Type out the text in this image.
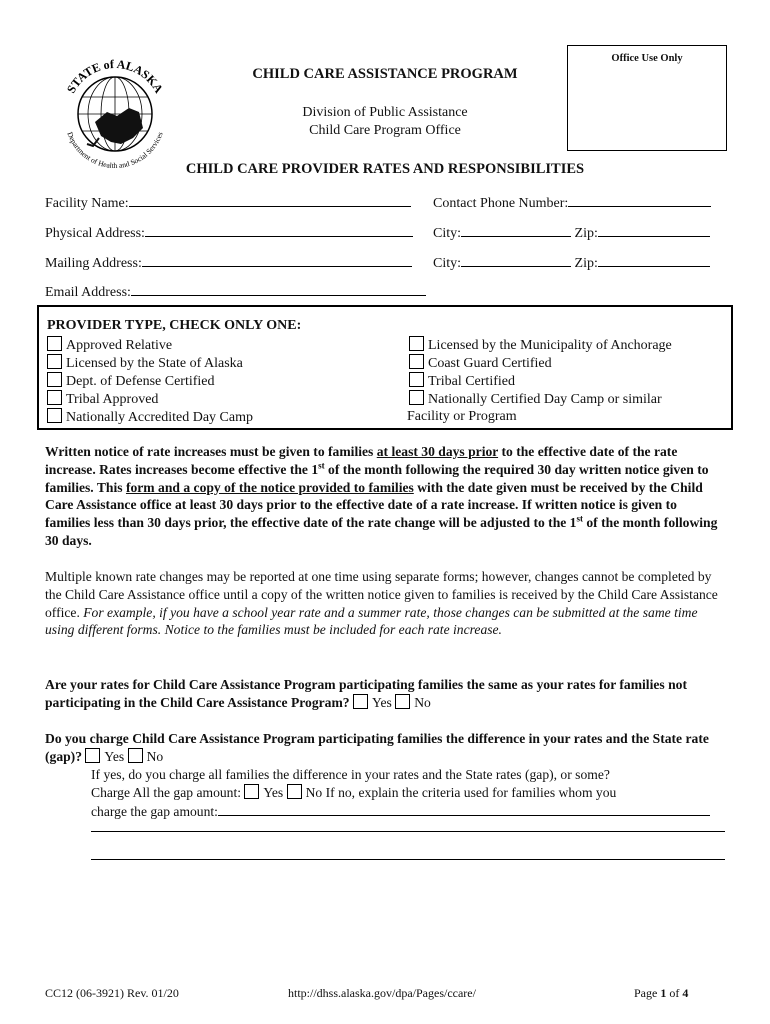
STATE of ALASKA
Department of Health and Social Services
Office Use Only
CHILD CARE ASSISTANCE PROGRAM
Division of Public Assistance
Child Care Program Office
CHILD CARE PROVIDER RATES AND RESPONSIBILITIES
Facility Name:	Contact Phone Number:
Physical Address:	City:	Zip:
Mailing Address:	City:	Zip:
Email Address:
PROVIDER TYPE, CHECK ONLY ONE:
Approved Relative
Licensed by the State of Alaska
Dept. of Defense Certified
Tribal Approved
Nationally Accredited Day Camp
Licensed by the Municipality of Anchorage
Coast Guard Certified
Tribal Certified
Nationally Certified Day Camp or similar
Facility or Program
Written notice of rate increases must be given to families at least 30 days prior to the effective date of the rate increase. Rates increases become effective the 1st of the month following the required 30 day written notice given to families. This form and a copy of the notice provided to families with the date given must be received by the Child Care Assistance office at least 30 days prior to the effective date of a rate increase. If written notice is given to families less than 30 days prior, the effective date of the rate change will be adjusted to the 1st of the month following 30 days.
Multiple known rate changes may be reported at one time using separate forms; however, changes cannot be completed by the Child Care Assistance office until a copy of the written notice given to families is received by the Child Care Assistance office. For example, if you have a school year rate and a summer rate, those changes can be submitted at the same time using different forms. Notice to the families must be included for each rate increase.
Are your rates for Child Care Assistance Program participating families the same as your rates for families not participating in the Child Care Assistance Program? Yes No
Do you charge Child Care Assistance Program participating families the difference in your rates and the State rate (gap)? Yes No
If yes, do you charge all families the difference in your rates and the State rates (gap), or some?
Charge All the gap amount: Yes No If no, explain the criteria used for families whom you
charge the gap amount:
CC12 (06-3921) Rev. 01/20	http://dhss.alaska.gov/dpa/Pages/ccare/	Page 1 of 4
